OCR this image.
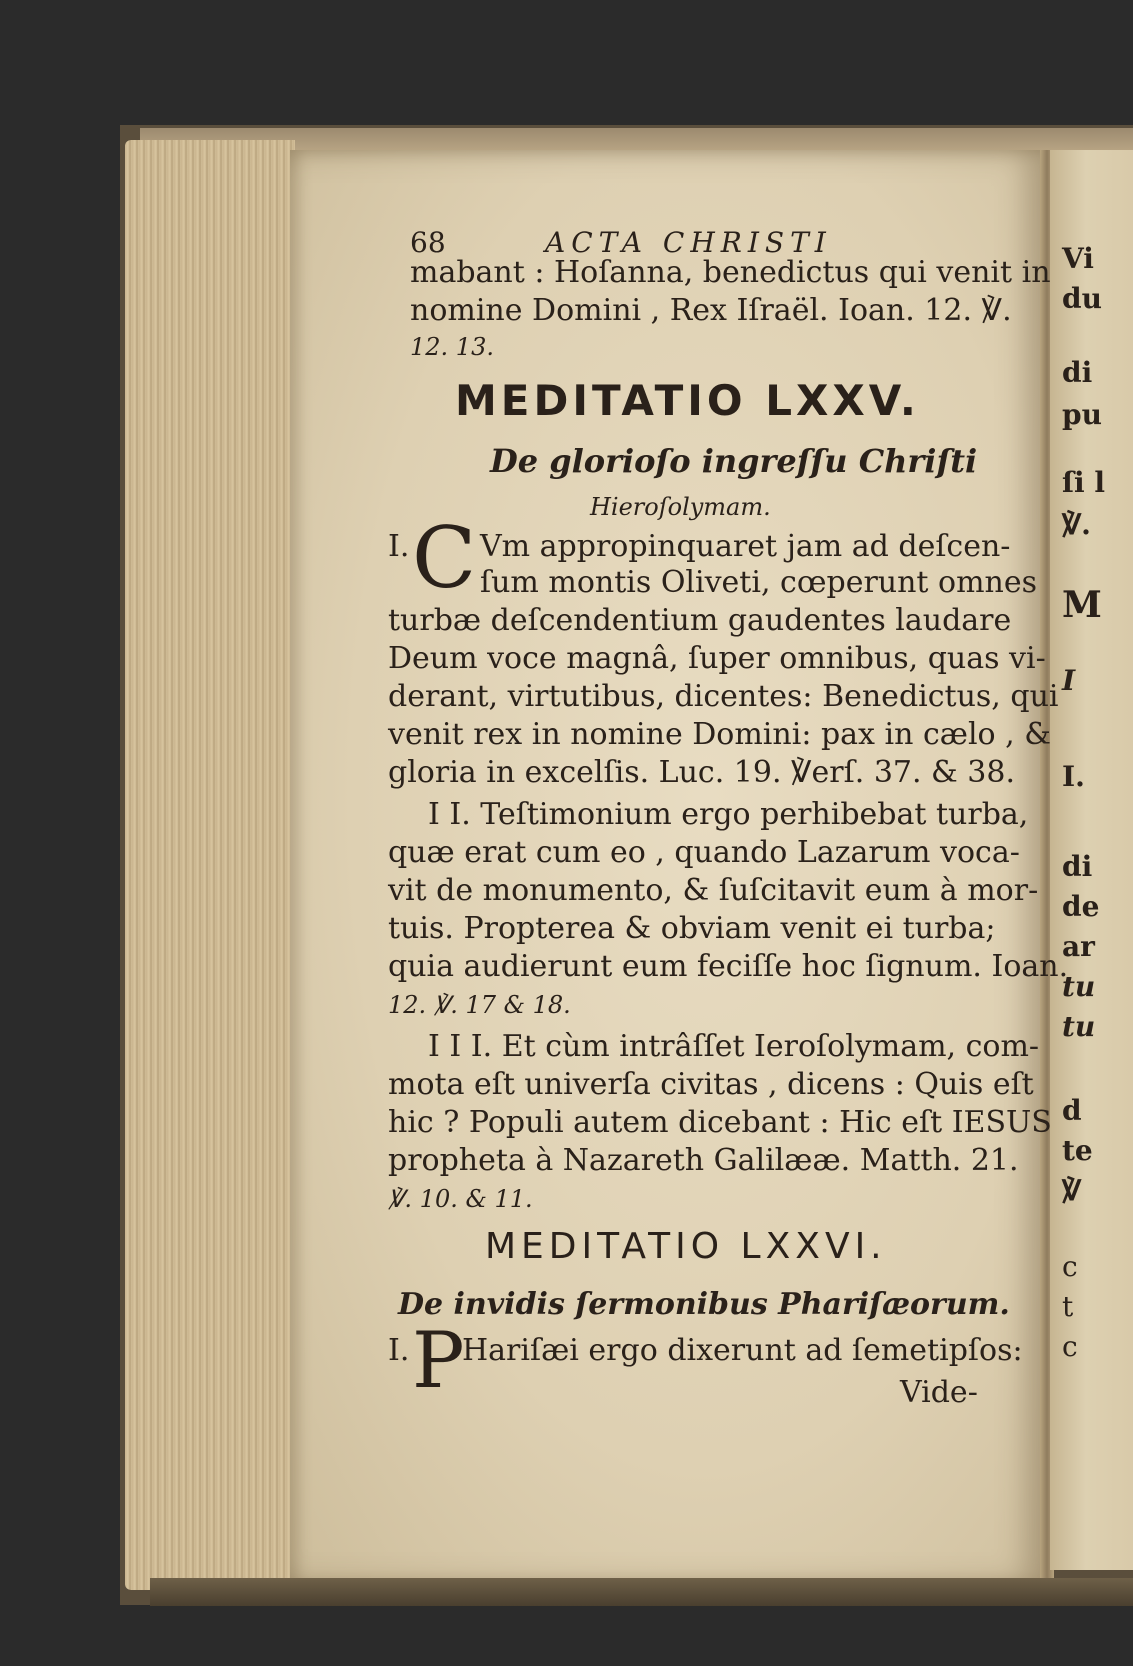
68	ACTA CHRISTI
mabant : Hoſanna, benedictus qui venit in
nomine Domini , Rex Iſraël. Ioan. 12. ℣.
12. 13.
MEDITATIO LXXV.
De glorioſo ingreſſu Chriſti
Hieroſolymam.
I. C Vm appropinquaret jam ad deſcen-
ſum montis Oliveti, cœperunt omnes
turbæ deſcendentium gaudentes laudare
Deum voce magnâ, ſuper omnibus, quas vi-
derant, virtutibus, dicentes: Benedictus, qui
venit rex in nomine Domini: pax in cælo , &
gloria in excelſis. Luc. 19. ℣erſ. 37. & 38.
I I. Teſtimonium ergo perhibebat turba,
quæ erat cum eo , quando Lazarum voca-
vit de monumento, & ſuſcitavit eum à mor-
tuis. Propterea & obviam venit ei turba;
quia audierunt eum feciſſe hoc ſignum. Ioan.
12. ℣. 17 & 18.
I I I. Et cùm intrâſſet Ieroſolymam, com-
mota eſt univerſa civitas , dicens : Quis eſt
hic ? Populi autem dicebant : Hic eſt IESUS
propheta à Nazareth Galilææ. Matth. 21.
℣. 10. & 11.
MEDITATIO LXXVI.
De invidis ſermonibus Phariſæorum.
I. P
Hariſæi ergo dixerunt ad ſemetipſos:
Vide-
Vi
du
di
pu
ſi l
℣.
M
I
I.
di
de
ar
tu
tu
d
te
℣
c
t
c
